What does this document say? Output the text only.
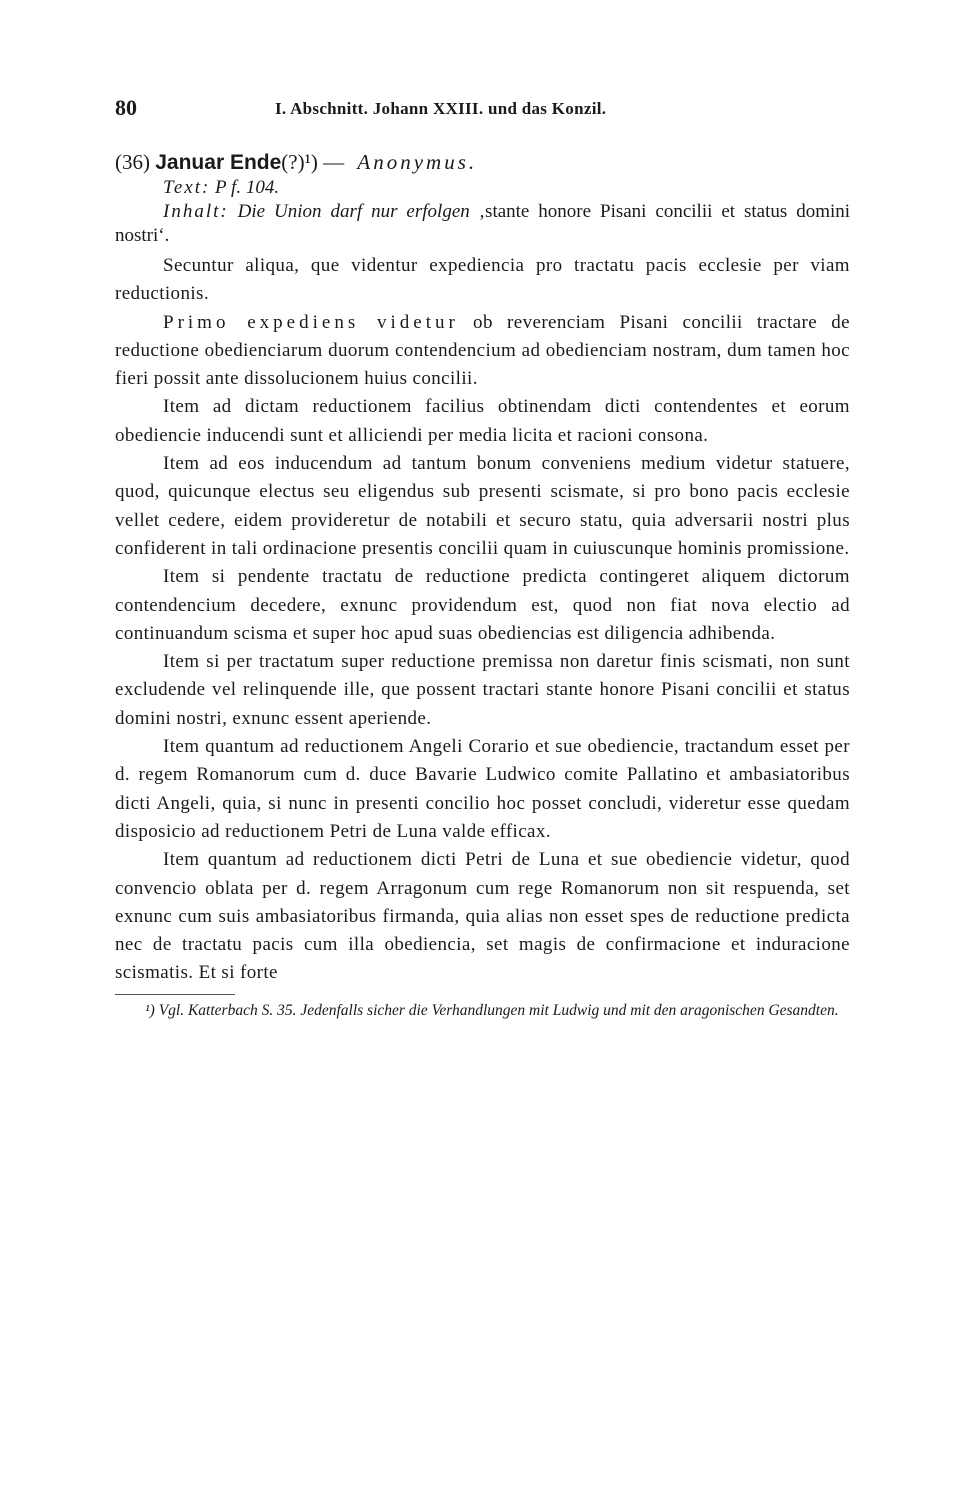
80	I. Abschnitt. Johann XXIII. und das Konzil.
(36) Januar Ende(?)¹) — Anonymus.
Text: P f. 104.
Inhalt: Die Union darf nur erfolgen ‚stante honore Pisani concilii et status domini nostri‘.

Secuntur aliqua, que videntur expediencia pro tractatu pacis ecclesie per viam reductionis.

Primo expediens videtur ob reverenciam Pisani concilii tractare de reductione obedienciarum duorum contendencium ad obedienciam nostram, dum tamen hoc fieri possit ante dissolucionem huius concilii.

Item ad dictam reductionem facilius obtinendam dicti contendentes et eorum obediencie inducendi sunt et alliciendi per media licita et racioni consona.

Item ad eos inducendum ad tantum bonum conveniens medium videtur statuere, quod, quicunque electus seu eligendus sub presenti scismate, si pro bono pacis ecclesie vellet cedere, eidem provideretur de notabili et securo statu, quia adversarii nostri plus confiderent in tali ordinacione presentis concilii quam in cuiuscunque hominis promissione.

Item si pendente tractatu de reductione predicta contingeret aliquem dictorum contendencium decedere, exnunc providendum est, quod non fiat nova electio ad continuandum scisma et super hoc apud suas obediencias est diligencia adhibenda.

Item si per tractatum super reductione premissa non daretur finis scismati, non sunt excludende vel relinquende ille, que possent tractari stante honore Pisani concilii et status domini nostri, exnunc essent aperiende.

Item quantum ad reductionem Angeli Corario et sue obediencie, tractandum esset per d. regem Romanorum cum d. duce Bavarie Ludwico comite Pallatino et ambasiatoribus dicti Angeli, quia, si nunc in presenti concilio hoc posset concludi, videretur esse quedam disposicio ad reductionem Petri de Luna valde efficax.

Item quantum ad reductionem dicti Petri de Luna et sue obediencie videtur, quod convencio oblata per d. regem Arragonum cum rege Romanorum non sit respuenda, set exnunc cum suis ambasiatoribus firmanda, quia alias non esset spes de reductione predicta nec de tractatu pacis cum illa obediencia, set magis de confirmacione et induracione scismatis. Et si forte

¹) Vgl. Katterbach S. 35. Jedenfalls sicher die Verhandlungen mit Ludwig und mit den aragonischen Gesandten.
